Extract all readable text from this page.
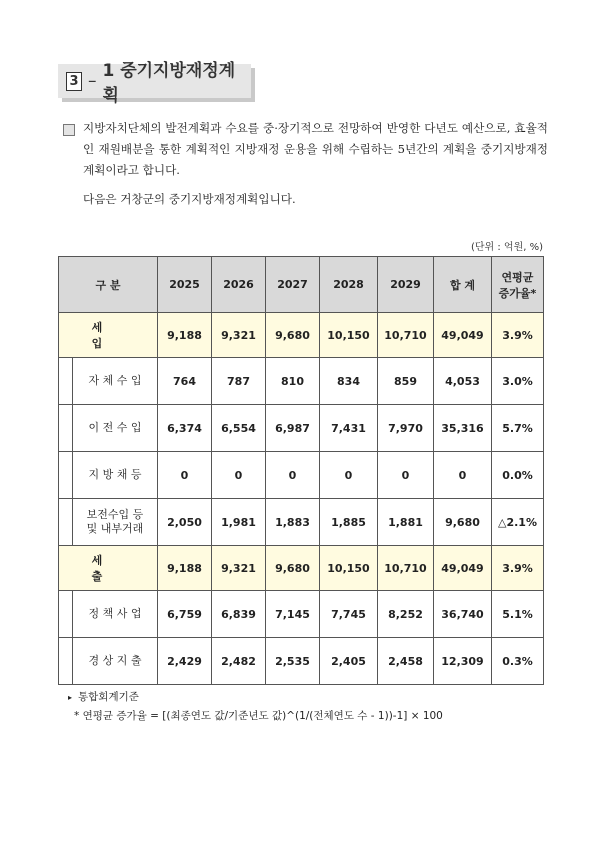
3 – 1 중기지방재정계획
지방자치단체의 발전계획과 수요를 중·장기적으로 전망하여 반영한 다년도 예산으로, 효율적인 재원배분을 통한 계획적인 지방재정 운용을 위해 수립하는 5년간의 계획을 중기지방재정계획이라고 합니다.
다음은 거창군의 중기지방재정계획입니다.
(단위 : 억원, %)
구 분		2025	2026	2027	2028	2029	합 계	연평균
증가율*

세 입		9,188	9,321	9,680	10,150	10,710	49,049	3.9%
	자 체 수 입	764	787	810	834	859	4,053	3.0%
	이 전 수 입	6,374	6,554	6,987	7,431	7,970	35,316	5.7%
	지 방 채 등	0	0	0	0	0	0	0.0%
	보전수입 등
및 내부거래	2,050	1,981	1,883	1,885	1,881	9,680	△2.1%
세 출		9,188	9,321	9,680	10,150	10,710	49,049	3.9%
	정 책 사 업	6,759	6,839	7,145	7,745	8,252	36,740	5.1%
	경 상 지 출	2,429	2,482	2,535	2,405	2,458	12,309	0.3%
▸ 통합회계기준
* 연평균 증가율 = [(최종연도 값/기준년도 값)^(1/(전체연도 수 - 1))-1] × 100
